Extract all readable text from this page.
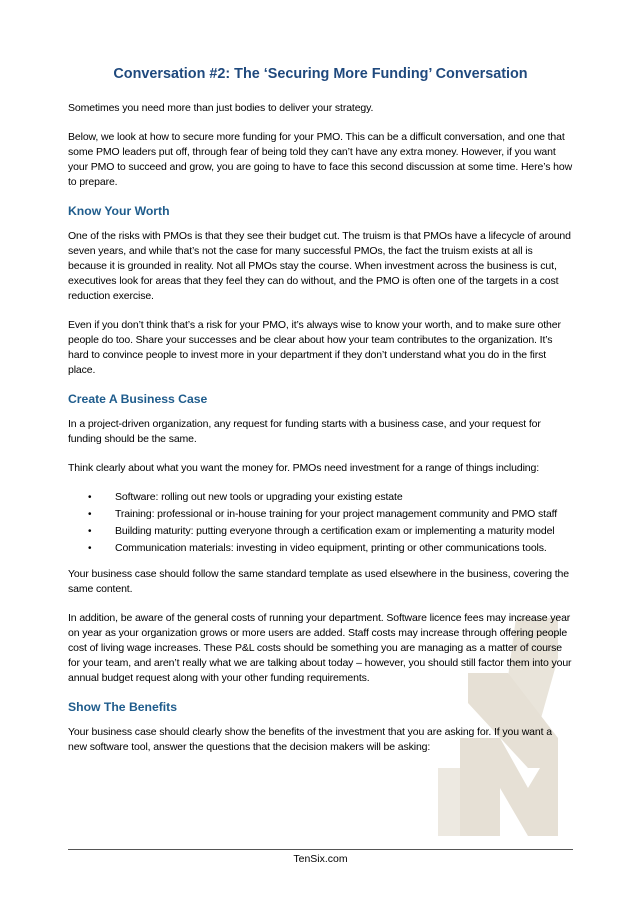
Conversation #2: The ‘Securing More Funding’ Conversation

Sometimes you need more than just bodies to deliver your strategy.

Below, we look at how to secure more funding for your PMO. This can be a difficult conversation, and one that some PMO leaders put off, through fear of being told they can’t have any extra money. However, if you want your PMO to succeed and grow, you are going to have to face this second discussion at some time. Here’s how to prepare.

Know Your Worth

One of the risks with PMOs is that they see their budget cut. The truism is that PMOs have a lifecycle of around seven years, and while that’s not the case for many successful PMOs, the fact the truism exists at all is because it is grounded in reality. Not all PMOs stay the course. When investment across the business is cut, executives look for areas that they feel they can do without, and the PMO is often one of the targets in a cost reduction exercise.

Even if you don’t think that’s a risk for your PMO, it’s always wise to know your worth, and to make sure other people do too. Share your successes and be clear about how your team contributes to the organization. It’s hard to convince people to invest more in your department if they don’t understand what you do in the first place.

Create A Business Case

In a project-driven organization, any request for funding starts with a business case, and your request for funding should be the same.

Think clearly about what you want the money for. PMOs need investment for a range of things including:

• Software: rolling out new tools or upgrading your existing estate
• Training: professional or in-house training for your project management community and PMO staff
• Building maturity: putting everyone through a certification exam or implementing a maturity model
• Communication materials: investing in video equipment, printing or other communications tools.

Your business case should follow the same standard template as used elsewhere in the business, covering the same content.

In addition, be aware of the general costs of running your department. Software licence fees may increase year on year as your organization grows or more users are added. Staff costs may increase through offering people cost of living wage increases. These P&L costs should be something you are managing as a matter of course for your team, and aren’t really what we are talking about today – however, you should still factor them into your annual budget request along with your other funding requirements.

Show The Benefits

Your business case should clearly show the benefits of the investment that you are asking for. If you want a new software tool, answer the questions that the decision makers will be asking:

TenSix.com
